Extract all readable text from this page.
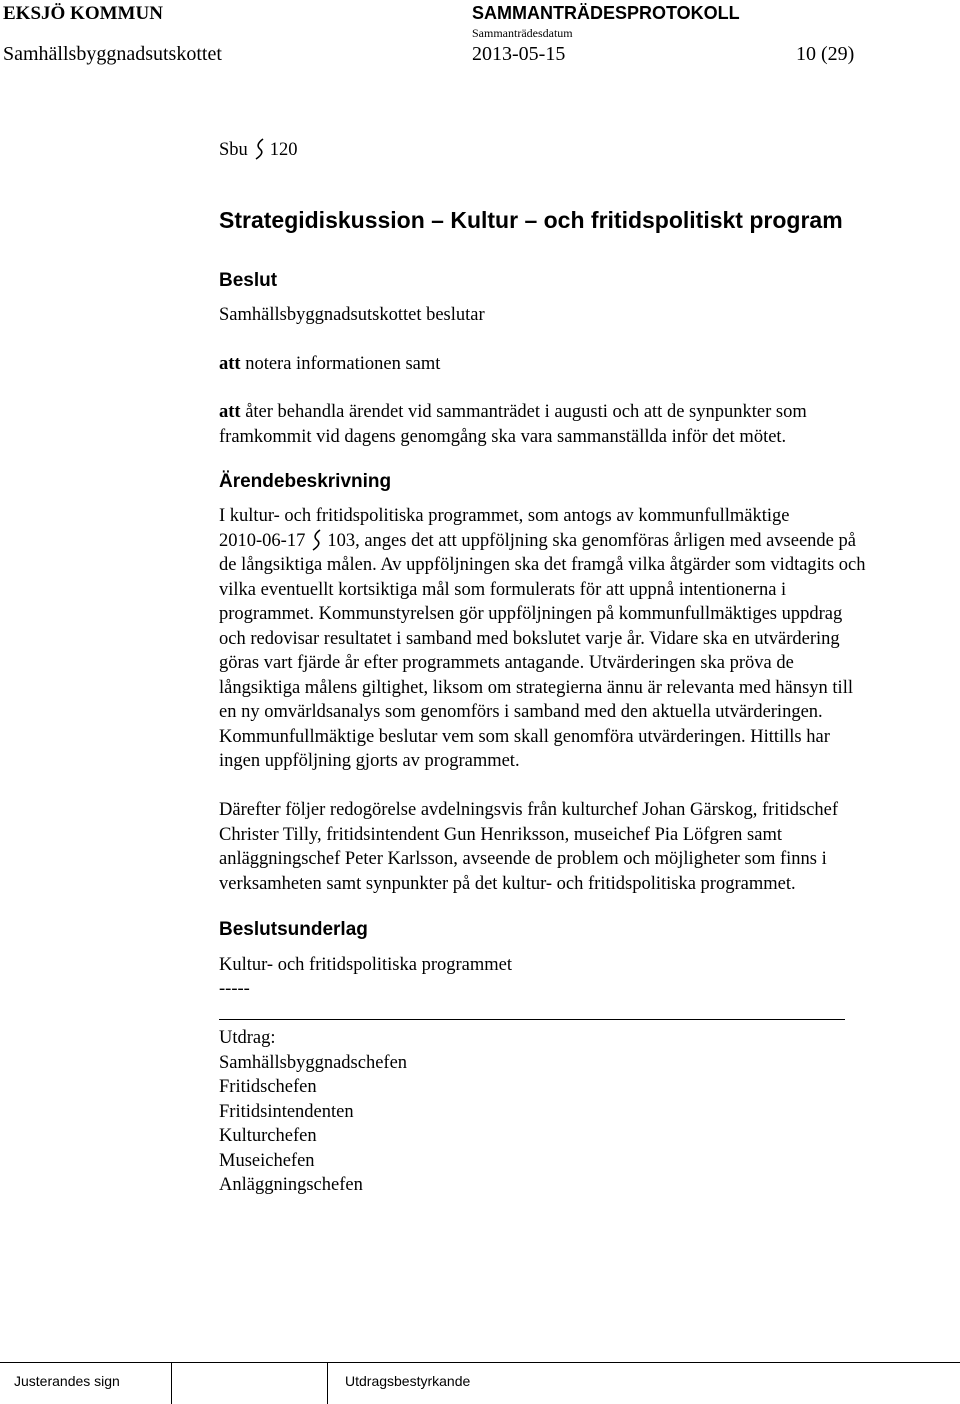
EKSJÖ KOMMUN	SAMMANTRÄDESPROTOKOLL
Sammanträdesdatum
Samhällsbyggnadsutskottet	2013-05-15	10 (29)
Sbu 120
Strategidiskussion – Kultur – och fritidspolitiskt program
Beslut
Samhällsbyggnadsutskottet beslutar
att notera informationen samt
att åter behandla ärendet vid sammanträdet i augusti och att de synpunkter som
framkommit vid dagens genomgång ska vara sammanställda inför det mötet.
Ärendebeskrivning
I kultur- och fritidspolitiska programmet, som antogs av kommunfullmäktige
2010-06-17 103, anges det att uppföljning ska genomföras årligen med avseende på
de långsiktiga målen. Av uppföljningen ska det framgå vilka åtgärder som vidtagits och
vilka eventuellt kortsiktiga mål som formulerats för att uppnå intentionerna i
programmet. Kommunstyrelsen gör uppföljningen på kommunfullmäktiges uppdrag
och redovisar resultatet i samband med bokslutet varje år. Vidare ska en utvärdering
göras vart fjärde år efter programmets antagande. Utvärderingen ska pröva de
långsiktiga målens giltighet, liksom om strategierna ännu är relevanta med hänsyn till
en ny omvärldsanalys som genomförs i samband med den aktuella utvärderingen.
Kommunfullmäktige beslutar vem som skall genomföra utvärderingen. Hittills har
ingen uppföljning gjorts av programmet.
Därefter följer redogörelse avdelningsvis från kulturchef Johan Gärskog, fritidschef
Christer Tilly, fritidsintendent Gun Henriksson, museichef Pia Löfgren samt
anläggningschef Peter Karlsson, avseende de problem och möjligheter som finns i
verksamheten samt synpunkter på det kultur- och fritidspolitiska programmet.
Beslutsunderlag
Kultur- och fritidspolitiska programmet
-----
Utdrag:
Samhällsbyggnadschefen
Fritidschefen
Fritidsintendenten
Kulturchefen
Museichefen
Anläggningschefen
Justerandes sign	Utdragsbestyrkande
